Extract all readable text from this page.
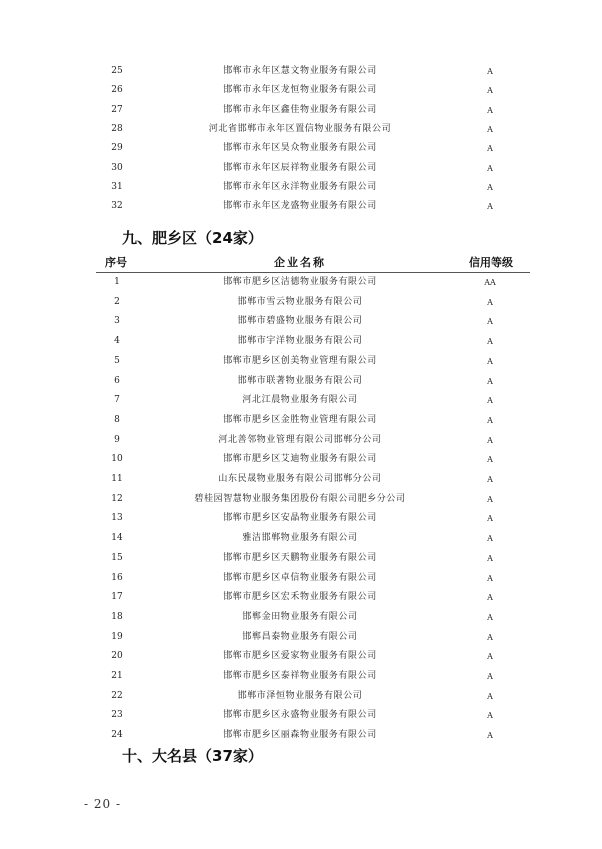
25	邯郸市永年区慧文物业服务有限公司	A
26	邯郸市永年区龙恒物业服务有限公司	A
27	邯郸市永年区鑫佳物业服务有限公司	A
28	河北省邯郸市永年区置信物业服务有限公司	A
29	邯郸市永年区昊众物业服务有限公司	A
30	邯郸市永年区辰祥物业服务有限公司	A
31	邯郸市永年区永洋物业服务有限公司	A
32	邯郸市永年区龙盛物业服务有限公司	A
九、肥乡区（24家）
序号	企业名称	信用等级
1	邯郸市肥乡区洁德物业服务有限公司	AA
2	邯郸市雪云物业服务有限公司	A
3	邯郸市碧盛物业服务有限公司	A
4	邯郸市宇洋物业服务有限公司	A
5	邯郸市肥乡区创美物业管理有限公司	A
6	邯郸市联著物业服务有限公司	A
7	河北江晨物业服务有限公司	A
8	邯郸市肥乡区金胜物业管理有限公司	A
9	河北善邻物业管理有限公司邯郸分公司	A
10	邯郸市肥乡区艾迪物业服务有限公司	A
11	山东民晟物业服务有限公司邯郸分公司	A
12	碧桂园智慧物业服务集团股份有限公司肥乡分公司	A
13	邯郸市肥乡区安晶物业服务有限公司	A
14	雅洁邯郸物业服务有限公司	A
15	邯郸市肥乡区天鹏物业服务有限公司	A
16	邯郸市肥乡区卓信物业服务有限公司	A
17	邯郸市肥乡区宏禾物业服务有限公司	A
18	邯郸金田物业服务有限公司	A
19	邯郸昌泰物业服务有限公司	A
20	邯郸市肥乡区爱家物业服务有限公司	A
21	邯郸市肥乡区泰祥物业服务有限公司	A
22	邯郸市泽恒物业服务有限公司	A
23	邯郸市肥乡区永盛物业服务有限公司	A
24	邯郸市肥乡区丽森物业服务有限公司	A
十、大名县（37家）
- 20 -
